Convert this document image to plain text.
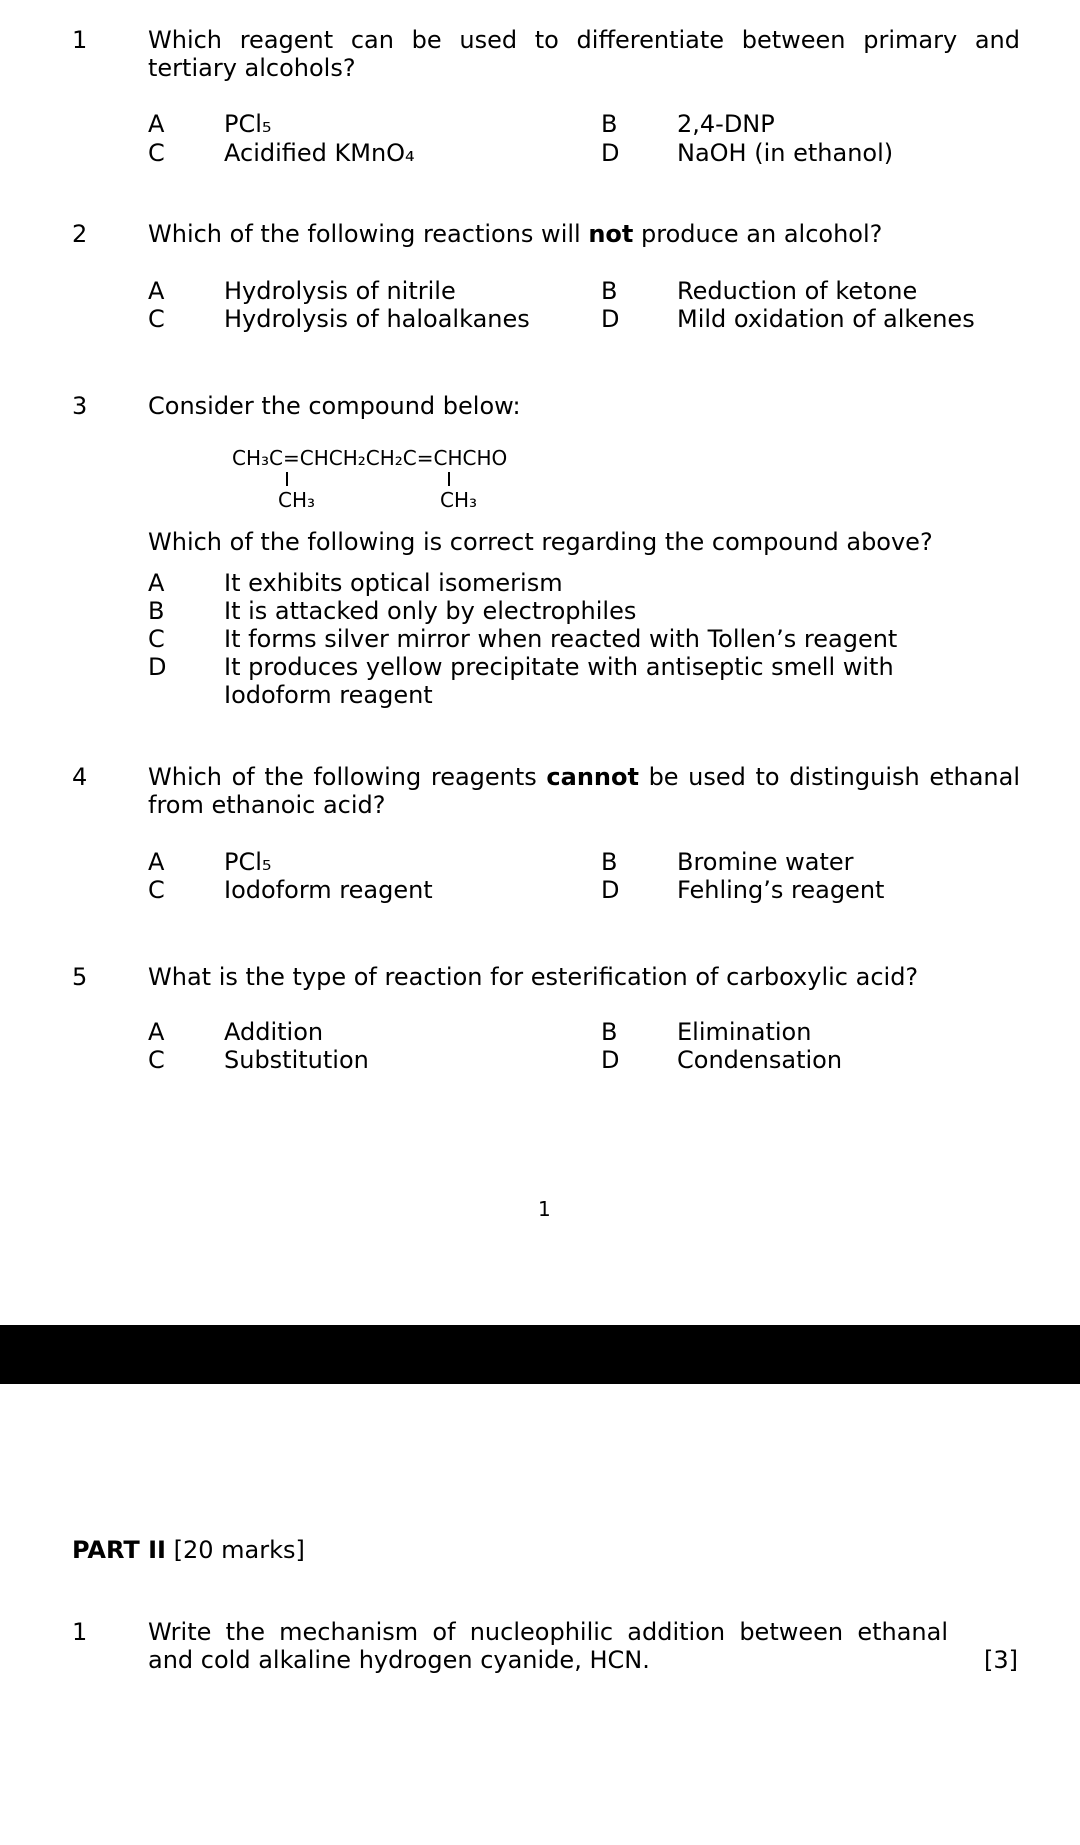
1	Which reagent can be used to differentiate between primary and tertiary alcohols?
A PCl₅	B 2,4-DNP
C Acidified KMnO₄	D NaOH (in ethanol)
2	Which of the following reactions will not produce an alcohol?
A Hydrolysis of nitrile	B Reduction of ketone
C Hydrolysis of haloalkanes	D Mild oxidation of alkenes
3	Consider the compound below:
CH₃C=CHCH₂CH₂C=CHCHO
CH₃	CH₃
Which of the following is correct regarding the compound above?
A It exhibits optical isomerism
B It is attacked only by electrophiles
C It forms silver mirror when reacted with Tollen’s reagent
D It produces yellow precipitate with antiseptic smell with Iodoform reagent
4	Which of the following reagents cannot be used to distinguish ethanal from ethanoic acid?
A PCl₅	B Bromine water
C Iodoform reagent	D Fehling’s reagent
5	What is the type of reaction for esterification of carboxylic acid?
A Addition	B Elimination
C Substitution	D Condensation
1
PART II [20 marks]
1	Write the mechanism of nucleophilic addition between ethanal and cold alkaline hydrogen cyanide, HCN.	[3]
